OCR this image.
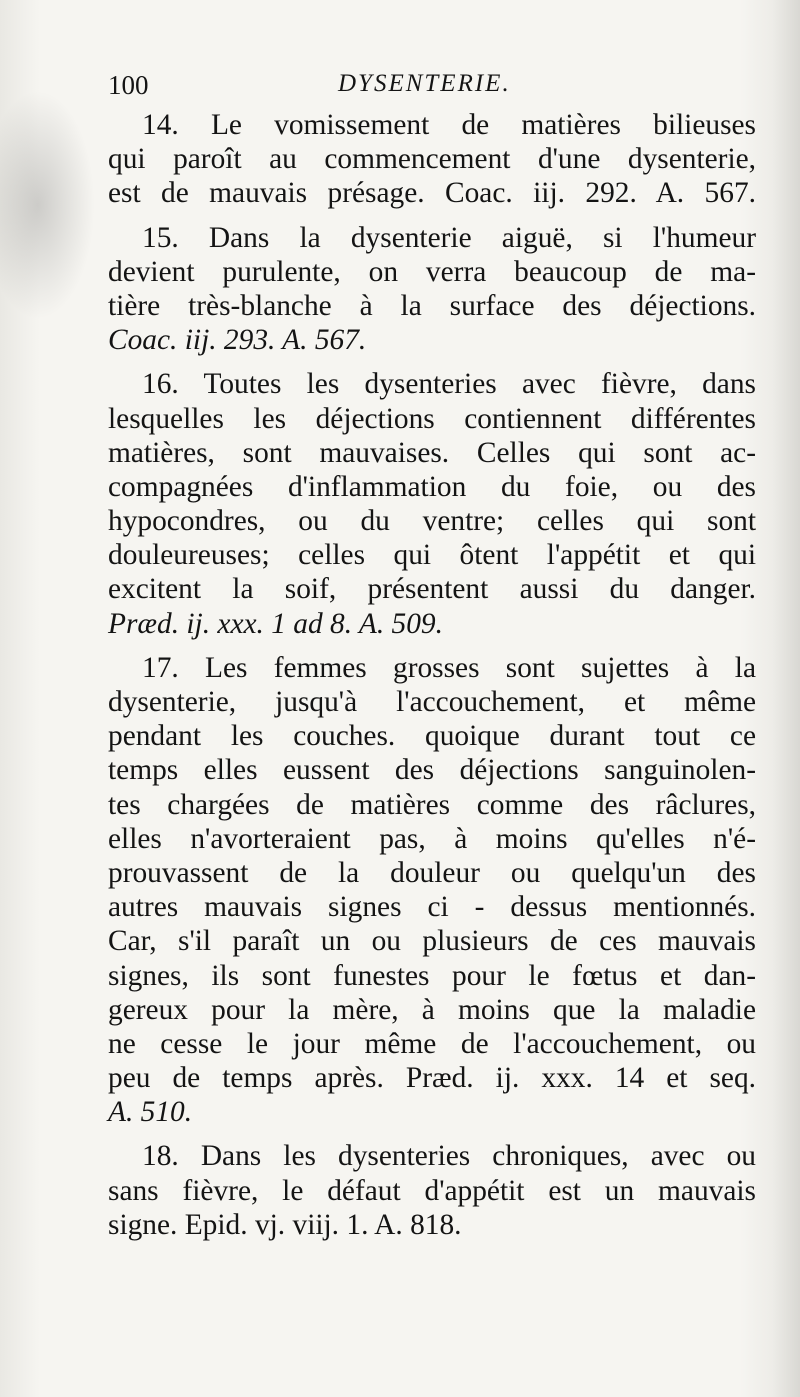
100	DYSENTERIE.
14. Le vomissement de matières bilieuses
qui paroît au commencement d'une dysenterie,
est de mauvais présage. Coac. iij. 292. A. 567.
15. Dans la dysenterie aiguë, si l'humeur
devient purulente, on verra beaucoup de ma-
tière très-blanche à la surface des déjections.
Coac. iij. 293. A. 567.
16. Toutes les dysenteries avec fièvre, dans
lesquelles les déjections contiennent différentes
matières, sont mauvaises. Celles qui sont ac-
compagnées d'inflammation du foie, ou des
hypocondres, ou du ventre; celles qui sont
douleureuses; celles qui ôtent l'appétit et qui
excitent la soif, présentent aussi du danger.
Præd. ij. xxx. 1 ad 8. A. 509.
17. Les femmes grosses sont sujettes à la
dysenterie, jusqu'à l'accouchement, et même
pendant les couches. quoique durant tout ce
temps elles eussent des déjections sanguinolen-
tes chargées de matières comme des râclures,
elles n'avorteraient pas, à moins qu'elles n'é-
prouvassent de la douleur ou quelqu'un des
autres mauvais signes ci - dessus mentionnés.
Car, s'il paraît un ou plusieurs de ces mauvais
signes, ils sont funestes pour le fœtus et dan-
gereux pour la mère, à moins que la maladie
ne cesse le jour même de l'accouchement, ou
peu de temps après. Præd. ij. xxx. 14 et seq.
A. 510.
18. Dans les dysenteries chroniques, avec ou
sans fièvre, le défaut d'appétit est un mauvais
signe. Epid. vj. viij. 1. A. 818.
